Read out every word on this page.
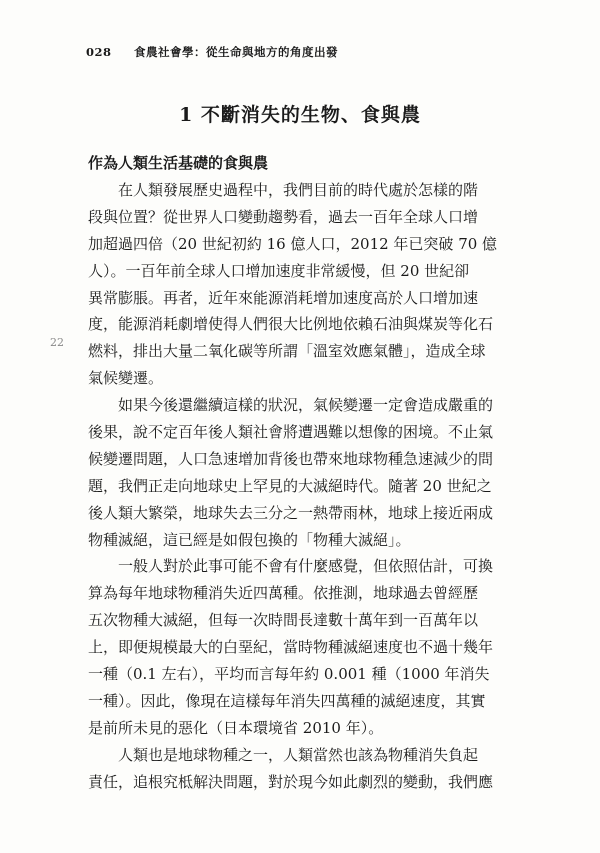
028 食農社會學：從生命與地方的角度出發
22
1 不斷消失的生物、食與農
作為人類生活基礎的食與農
在人類發展歷史過程中，我們目前的時代處於怎樣的階
段與位置？從世界人口變動趨勢看，過去一百年全球人口增
加超過四倍（20 世紀初約 16 億人口，2012 年已突破 70 億
人）。一百年前全球人口增加速度非常緩慢，但 20 世紀卻
異常膨脹。再者，近年來能源消耗增加速度高於人口增加速
度，能源消耗劇增使得人們很大比例地依賴石油與煤炭等化石
燃料，排出大量二氧化碳等所謂「溫室效應氣體」，造成全球
氣候變遷。
如果今後還繼續這樣的狀況，氣候變遷一定會造成嚴重的
後果，說不定百年後人類社會將遭遇難以想像的困境。不止氣
候變遷問題，人口急速增加背後也帶來地球物種急速減少的問
題，我們正走向地球史上罕見的大滅絕時代。隨著 20 世紀之
後人類大繁榮，地球失去三分之一熱帶雨林，地球上接近兩成
物種滅絕，這已經是如假包換的「物種大滅絕」。
一般人對於此事可能不會有什麼感覺，但依照估計，可換
算為每年地球物種消失近四萬種。依推測，地球過去曾經歷
五次物種大滅絕，但每一次時間長達數十萬年到一百萬年以
上，即便規模最大的白堊紀，當時物種滅絕速度也不過十幾年
一種（0.1 左右），平均而言每年約 0.001 種（1000 年消失
一種）。因此，像現在這樣每年消失四萬種的滅絕速度，其實
是前所未見的惡化（日本環境省 2010 年）。
人類也是地球物種之一，人類當然也該為物種消失負起
責任，追根究柢解決問題，對於現今如此劇烈的變動，我們應
